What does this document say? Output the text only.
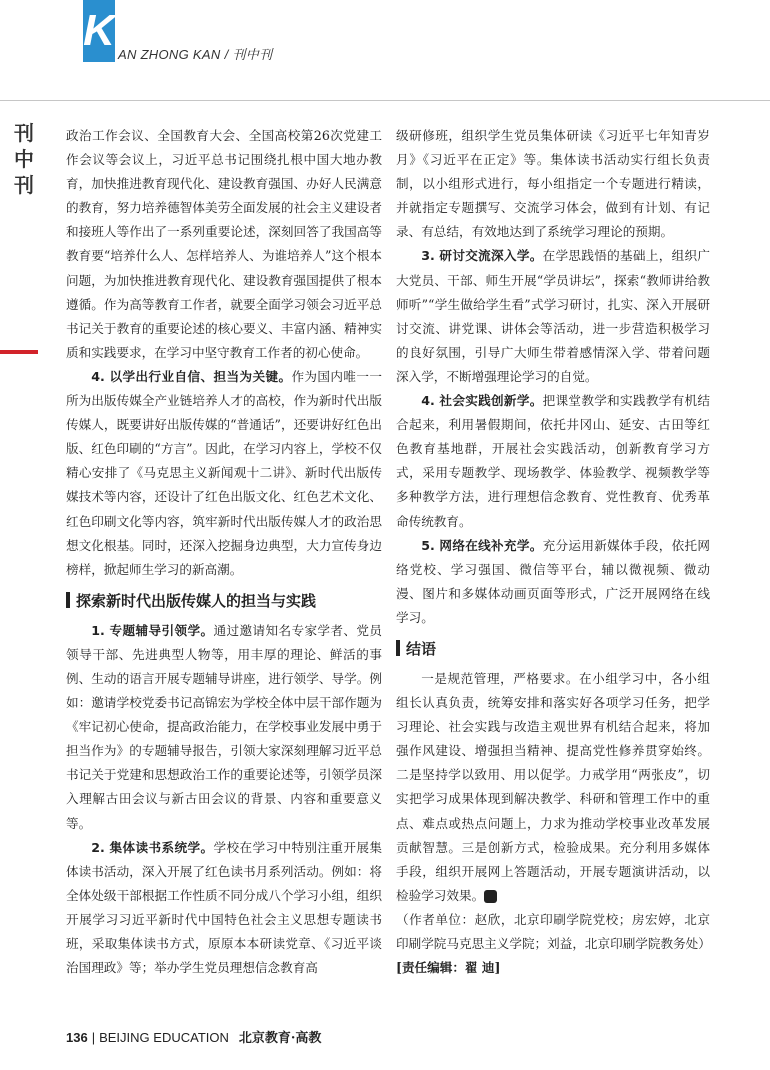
K AN ZHONG KAN / 刊中刊
刊中刊

政治工作会议、全国教育大会、全国高校第26次党建工作会议等会议上，习近平总书记围绕扎根中国大地办教育，加快推进教育现代化、建设教育强国、办好人民满意的教育，努力培养德智体美劳全面发展的社会主义建设者和接班人等作出了一系列重要论述，深刻回答了我国高等教育要“培养什么人、怎样培养人、为谁培养人”这个根本问题，为加快推进教育现代化、建设教育强国提供了根本遵循。作为高等教育工作者，就要全面学习领会习近平总书记关于教育的重要论述的核心要义、丰富内涵、精神实质和实践要求，在学习中坚守教育工作者的初心使命。

4. 以学出行业自信、担当为关键。作为国内唯一一所为出版传媒全产业链培养人才的高校，作为新时代出版传媒人，既要讲好出版传媒的“普通话”，还要讲好红色出版、红色印刷的“方言”。因此，在学习内容上，学校不仅精心安排了《马克思主义新闻观十二讲》、新时代出版传媒技术等内容，还设计了红色出版文化、红色艺术文化、红色印刷文化等内容，筑牢新时代出版传媒人才的政治思想文化根基。同时，还深入挖掘身边典型，大力宣传身边榜样，掀起师生学习的新高潮。

探索新时代出版传媒人的担当与实践

1. 专题辅导引领学。通过邀请知名专家学者、党员领导干部、先进典型人物等，用丰厚的理论、鲜活的事例、生动的语言开展专题辅导讲座，进行领学、导学。例如：邀请学校党委书记高锦宏为学校全体中层干部作题为《牢记初心使命，提高政治能力，在学校事业发展中勇于担当作为》的专题辅导报告，引领大家深刻理解习近平总书记关于党建和思想政治工作的重要论述等，引领学员深入理解古田会议与新古田会议的背景、内容和重要意义等。

2. 集体读书系统学。学校在学习中特别注重开展集体读书活动，深入开展了红色读书月系列活动。例如：将全体处级干部根据工作性质不同分成八个学习小组，组织开展学习习近平新时代中国特色社会主义思想专题读书班，采取集体读书方式，原原本本研读党章、《习近平谈治国理政》等；举办学生党员理想信念教育高

级研修班，组织学生党员集体研读《习近平七年知青岁月》《习近平在正定》等。集体读书活动实行组长负责制，以小组形式进行，每小组指定一个专题进行精读，并就指定专题撰写、交流学习体会，做到有计划、有记录、有总结，有效地达到了系统学习理论的预期。

3. 研讨交流深入学。在学思践悟的基础上，组织广大党员、干部、师生开展“学员讲坛”，探索“教师讲给教师听”“学生做给学生看”式学习研讨，扎实、深入开展研讨交流、讲党课、讲体会等活动，进一步营造积极学习的良好氛围，引导广大师生带着感情深入学、带着问题深入学，不断增强理论学习的自觉。

4. 社会实践创新学。把课堂教学和实践教学有机结合起来，利用暑假期间，依托井冈山、延安、古田等红色教育基地群，开展社会实践活动，创新教育学习方式，采用专题教学、现场教学、体验教学、视频教学等多种教学方法，进行理想信念教育、党性教育、优秀革命传统教育。

5. 网络在线补充学。充分运用新媒体手段，依托网络党校、学习强国、微信等平台，辅以微视频、微动漫、图片和多媒体动画页面等形式，广泛开展网络在线学习。

结语

一是规范管理，严格要求。在小组学习中，各小组组长认真负责，统筹安排和落实好各项学习任务，把学习理论、社会实践与改造主观世界有机结合起来，将加强作风建设、增强担当精神、提高党性修养贯穿始终。二是坚持学以致用、用以促学。力戒学用“两张皮”，切实把学习成果体现到解决教学、科研和管理工作中的重点、难点或热点问题上，力求为推动学校事业改革发展贡献智慧。三是创新方式，检验成果。充分利用多媒体手段，组织开展网上答题活动，开展专题演讲活动，以检验学习效果。	图

（作者单位：赵欣，北京印刷学院党校；房宏婷，北京印刷学院马克思主义学院；刘益，北京印刷学院教务处）

[责任编辑：翟 迪]

136 | BEIJING EDUCATION 北京教育·高教
